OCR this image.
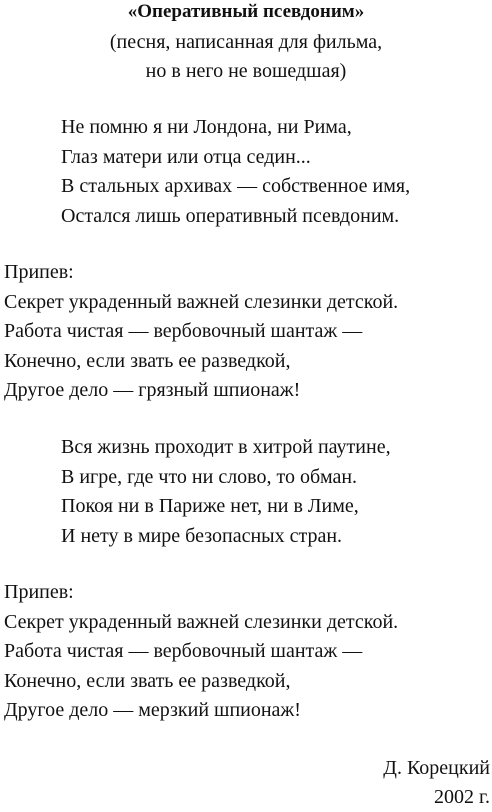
«Оперативный псевдоним»
(песня, написанная для фильма,
но в него не вошедшая)
Не помню я ни Лондона, ни Рима,
Глаз матери или отца седин...
В стальных архивах — собственное имя,
Остался лишь оперативный псевдоним.
Припев:
Секрет украденный важней слезинки детской.
Работа чистая — вербовочный шантаж —
Конечно, если звать ее разведкой,
Другое дело — грязный шпионаж!
Вся жизнь проходит в хитрой паутине,
В игре, где что ни слово, то обман.
Покоя ни в Париже нет, ни в Лиме,
И нету в мире безопасных стран.
Припев:
Секрет украденный важней слезинки детской.
Работа чистая — вербовочный шантаж —
Конечно, если звать ее разведкой,
Другое дело — мерзкий шпионаж!
Д. Корецкий
2002 г.
